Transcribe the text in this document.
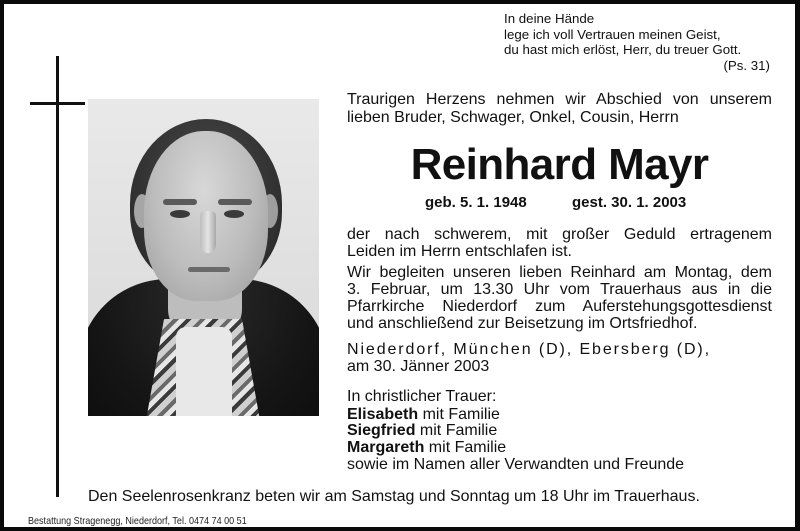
In deine Hände
lege ich voll Vertrauen meinen Geist,
du hast mich erlöst, Herr, du treuer Gott.
(Ps. 31)
Traurigen Herzens nehmen wir Abschied von unserem
lieben Bruder, Schwager, Onkel, Cousin, Herrn
Reinhard Mayr
geb. 5. 1. 1948	gest. 30. 1. 2003
der nach schwerem, mit großer Geduld ertragenem
Leiden im Herrn entschlafen ist.
Wir begleiten unseren lieben Reinhard am Montag, dem
3. Februar, um 13.30 Uhr vom Trauerhaus aus in die
Pfarrkirche Niederdorf zum Auferstehungsgottesdienst
und anschließend zur Beisetzung im Ortsfriedhof.
Niederdorf, München (D), Ebersberg (D),
am 30. Jänner 2003
In christlicher Trauer:
Elisabeth mit Familie
Siegfried mit Familie
Margareth mit Familie
sowie im Namen aller Verwandten und Freunde
Den Seelenrosenkranz beten wir am Samstag und Sonntag um 18 Uhr im Trauerhaus.
Bestattung Stragenegg, Niederdorf, Tel. 0474 74 00 51
